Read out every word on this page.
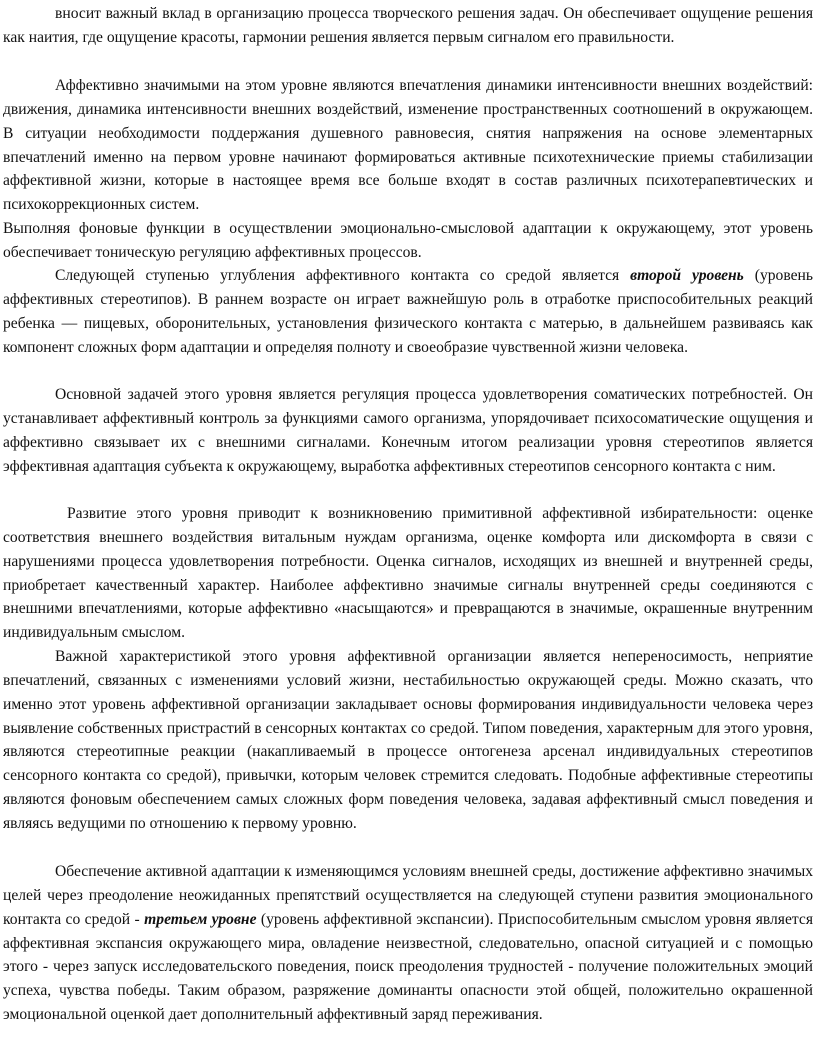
вносит важный вклад в организацию процесса творческого решения задач. Он обеспечивает ощущение решения как наития, где ощущение красоты, гармонии решения является первым сигналом его правильности.

Аффективно значимыми на этом уровне являются впечатления динамики интенсивности внешних воздействий: движения, динамика интенсивности внешних воздействий, изменение пространственных соотношений в окружающем. В ситуации необходимости поддержания душевного равновесия, снятия напряжения на основе элементарных впечатлений именно на первом уровне начинают формироваться активные психотехнические приемы стабилизации аффективной жизни, которые в настоящее время все больше входят в состав различных психотерапевтических и психокоррекционных систем.

Выполняя фоновые функции в осуществлении эмоционально-смысловой адаптации к окружающему, этот уровень обеспечивает тоническую регуляцию аффективных процессов.

Следующей ступенью углубления аффективного контакта со средой является второй уровень (уровень аффективных стереотипов). В раннем возрасте он играет важнейшую роль в отработке приспособительных реакций ребенка — пищевых, оборонительных, установления физического контакта с матерью, в дальнейшем развиваясь как компонент сложных форм адаптации и определяя полноту и своеобразие чувственной жизни человека.

Основной задачей этого уровня является регуляция процесса удовлетворения соматических потребностей. Он устанавливает аффективный контроль за функциями самого организма, упорядочивает психосоматические ощущения и аффективно связывает их с внешними сигналами. Конечным итогом реализации уровня стереотипов является эффективная адаптация субъекта к окружающему, выработка аффективных стереотипов сенсорного контакта с ним.

Развитие этого уровня приводит к возникновению примитивной аффективной избирательности: оценке соответствия внешнего воздействия витальным нуждам организма, оценке комфорта или дискомфорта в связи с нарушениями процесса удовлетворения потребности. Оценка сигналов, исходящих из внешней и внутренней среды, приобретает качественный характер. Наиболее аффективно значимые сигналы внутренней среды соединяются с внешними впечатлениями, которые аффективно «насыщаются» и превращаются в значимые, окрашенные внутренним индивидуальным смыслом.

Важной характеристикой этого уровня аффективной организации является непереносимость, неприятие впечатлений, связанных с изменениями условий жизни, нестабильностью окружающей среды. Можно сказать, что именно этот уровень аффективной организации закладывает основы формирования индивидуальности человека через выявление собственных пристрастий в сенсорных контактах со средой. Типом поведения, характерным для этого уровня, являются стереотипные реакции (накапливаемый в процессе онтогенеза арсенал индивидуальных стереотипов сенсорного контакта со средой), привычки, которым человек стремится следовать. Подобные аффективные стереотипы являются фоновым обеспечением самых сложных форм поведения человека, задавая аффективный смысл поведения и являясь ведущими по отношению к первому уровню.

Обеспечение активной адаптации к изменяющимся условиям внешней среды, достижение аффективно значимых целей через преодоление неожиданных препятствий осуществляется на следующей ступени развития эмоционального контакта со средой - третьем уровне (уровень аффективной экспансии). Приспособительным смыслом уровня является аффективная экспансия окружающего мира, овладение неизвестной, следовательно, опасной ситуацией и с помощью этого - через запуск исследовательского поведения, поиск преодоления трудностей - получение положительных эмоций успеха, чувства победы. Таким образом, разряжение доминанты опасности этой общей, положительно окрашенной эмоциональной оценкой дает дополнительный аффективный заряд переживания.
